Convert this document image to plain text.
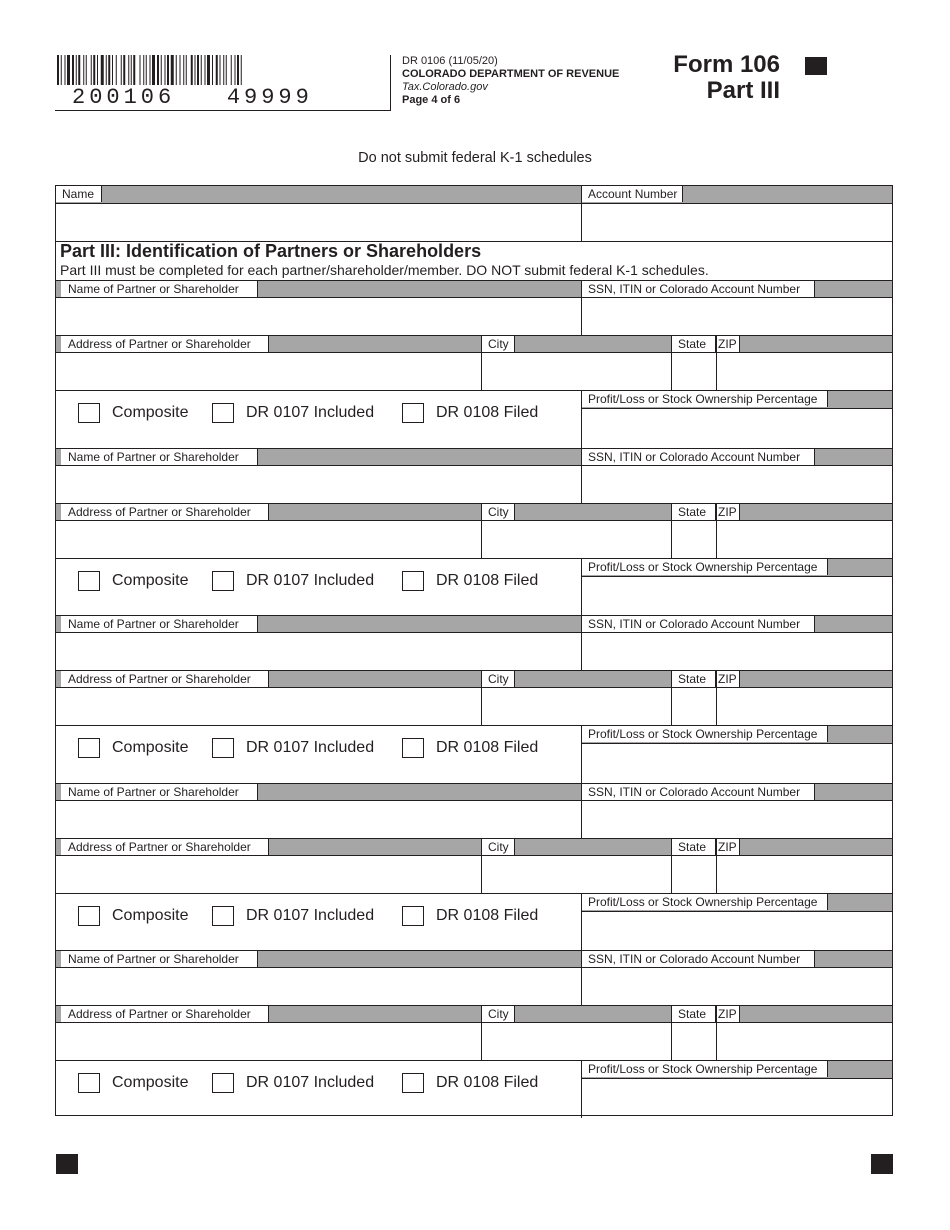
200106   49999
DR 0106 (11/05/20)
COLORADO DEPARTMENT OF REVENUE
Tax.Colorado.gov
Page 4 of 6
Form 106
Part III
Do not submit federal K-1 schedules
Name	Account Number
Part III: Identification of Partners or Shareholders
Part III must be completed for each partner/shareholder/member. DO NOT submit federal K-1 schedules.
Name of Partner or Shareholder	SSN, ITIN or Colorado Account Number
Address of Partner or Shareholder	City	State ZIP
Composite	DR 0107 Included	DR 0108 Filed
Profit/Loss or Stock Ownership Percentage
Name of Partner or Shareholder	SSN, ITIN or Colorado Account Number
Address of Partner or Shareholder	City	State ZIP
Composite	DR 0107 Included	DR 0108 Filed
Profit/Loss or Stock Ownership Percentage
Name of Partner or Shareholder	SSN, ITIN or Colorado Account Number
Address of Partner or Shareholder	City	State ZIP
Composite	DR 0107 Included	DR 0108 Filed
Profit/Loss or Stock Ownership Percentage
Name of Partner or Shareholder	SSN, ITIN or Colorado Account Number
Address of Partner or Shareholder	City	State ZIP
Composite	DR 0107 Included	DR 0108 Filed
Profit/Loss or Stock Ownership Percentage
Name of Partner or Shareholder	SSN, ITIN or Colorado Account Number
Address of Partner or Shareholder	City	State ZIP
Composite	DR 0107 Included	DR 0108 Filed
Profit/Loss or Stock Ownership Percentage
